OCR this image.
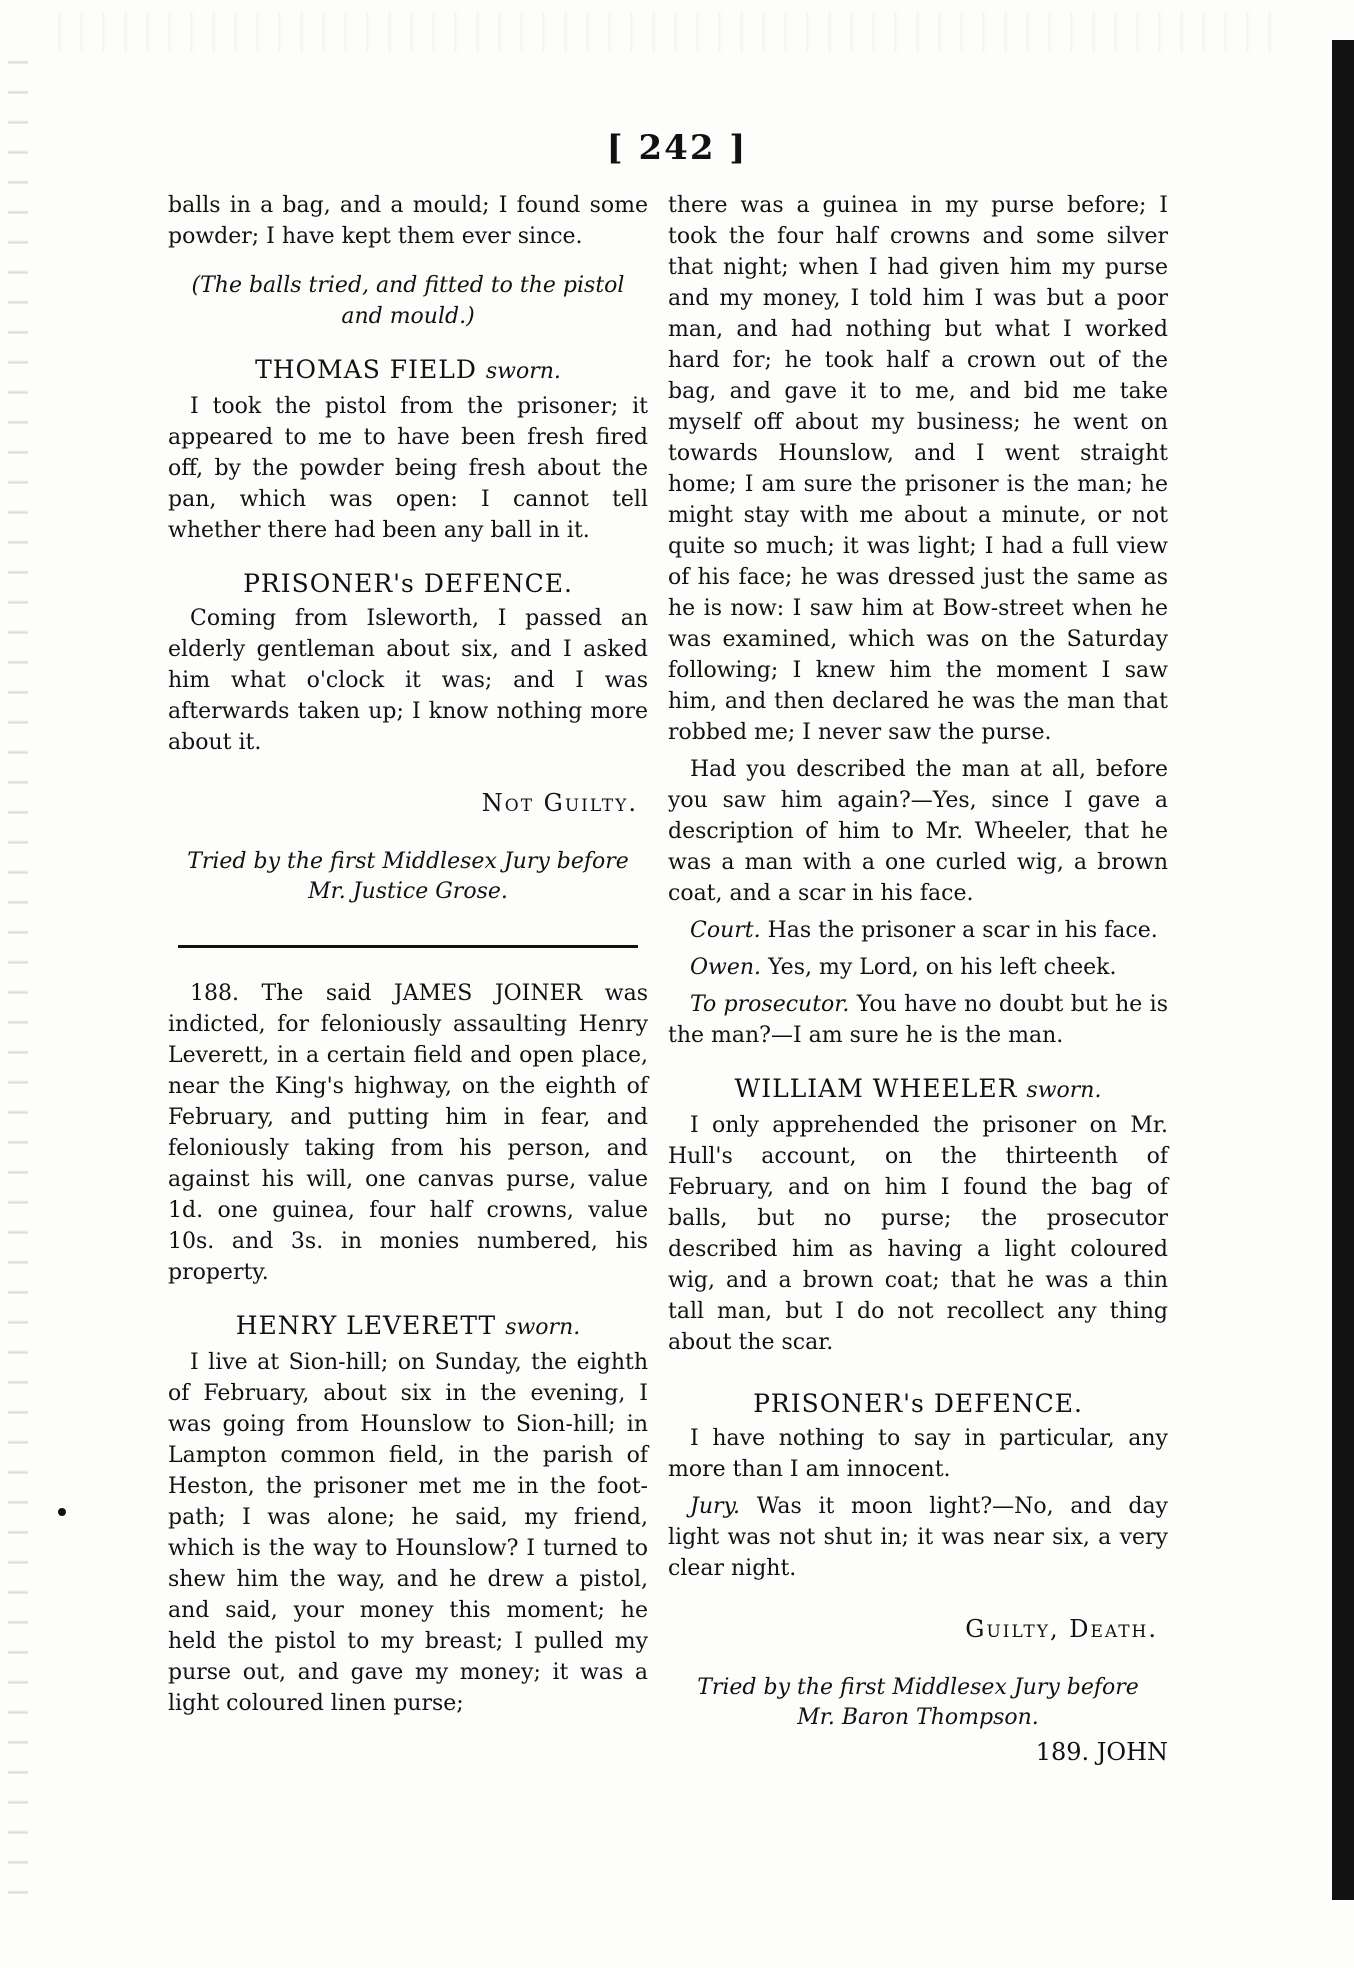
[ 242 ]

balls in a bag, and a mould; I found some powder; I have kept them ever since.

(The balls tried, and fitted to the pistol and mould.)

THOMAS FIELD sworn.

I took the pistol from the prisoner; it appeared to me to have been fresh fired off, by the powder being fresh about the pan, which was open: I cannot tell whether there had been any ball in it.

PRISONER's DEFENCE.

Coming from Isleworth, I passed an elderly gentleman about six, and I asked him what o'clock it was; and I was afterwards taken up; I know nothing more about it.

Not Guilty.
Tried by the first Middlesex Jury before
Mr. Justice Grose.

188. The said JAMES JOINER was indicted, for feloniously assaulting Henry Leverett, in a certain field and open place, near the King's highway, on the eighth of February, and putting him in fear, and feloniously taking from his person, and against his will, one canvas purse, value 1d. one guinea, four half crowns, value 10s. and 3s. in monies numbered, his property.

HENRY LEVERETT sworn.

I live at Sion-hill; on Sunday, the eighth of February, about six in the evening, I was going from Hounslow to Sion-hill; in Lampton common field, in the parish of Heston, the prisoner met me in the foot-path; I was alone; he said, my friend, which is the way to Hounslow? I turned to shew him the way, and he drew a pistol, and said, your money this moment; he held the pistol to my breast; I pulled my purse out, and gave my money; it was a light coloured linen purse;

there was a guinea in my purse before; I took the four half crowns and some silver that night; when I had given him my purse and my money, I told him I was but a poor man, and had nothing but what I worked hard for; he took half a crown out of the bag, and gave it to me, and bid me take myself off about my business; he went on towards Hounslow, and I went straight home; I am sure the prisoner is the man; he might stay with me about a minute, or not quite so much; it was light; I had a full view of his face; he was dressed just the same as he is now: I saw him at Bow-street when he was examined, which was on the Saturday following; I knew him the moment I saw him, and then declared he was the man that robbed me; I never saw the purse.

Had you described the man at all, before you saw him again?—Yes, since I gave a description of him to Mr. Wheeler, that he was a man with a one curled wig, a brown coat, and a scar in his face.

Court. Has the prisoner a scar in his face.

Owen. Yes, my Lord, on his left cheek.

To prosecutor. You have no doubt but he is the man?—I am sure he is the man.

WILLIAM WHEELER sworn.

I only apprehended the prisoner on Mr. Hull's account, on the thirteenth of February, and on him I found the bag of balls, but no purse; the prosecutor described him as having a light coloured wig, and a brown coat; that he was a thin tall man, but I do not recollect any thing about the scar.

PRISONER's DEFENCE.

I have nothing to say in particular, any more than I am innocent.

Jury. Was it moon light?—No, and day light was not shut in; it was near six, a very clear night.

Guilty, Death.
Tried by the first Middlesex Jury before
Mr. Baron Thompson.
189. JOHN
